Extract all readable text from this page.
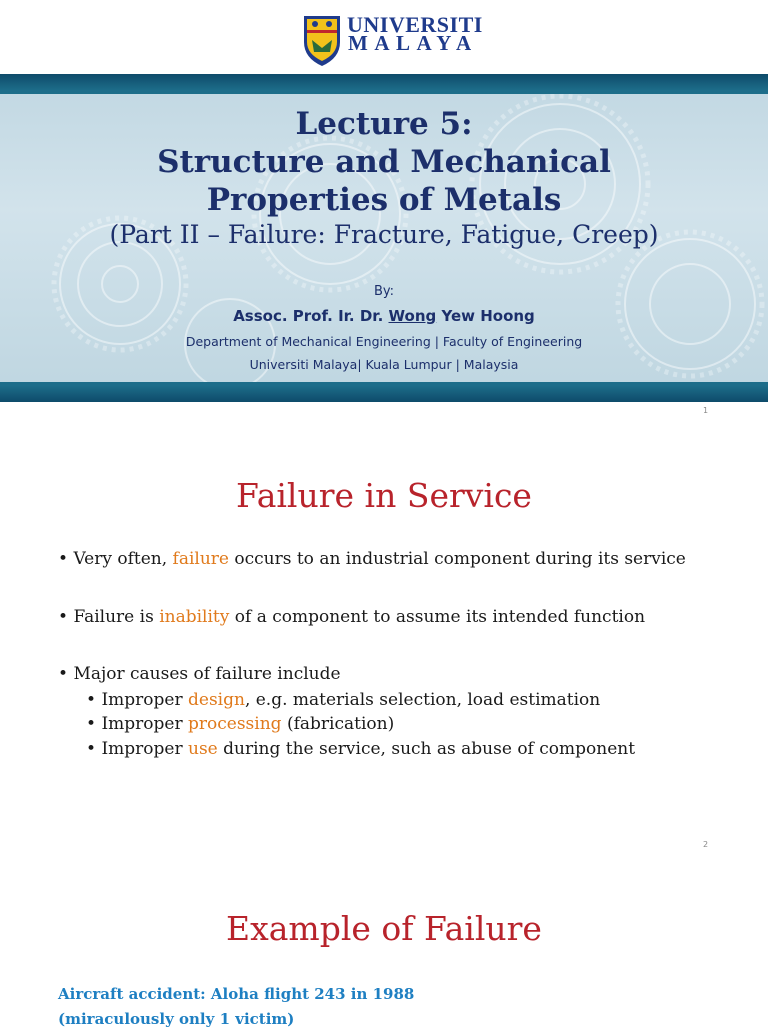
UNIVERSITI
MALAYA
Lecture 5:
Structure and Mechanical
Properties of Metals
(Part II – Failure: Fracture, Fatigue, Creep)
By:
Assoc. Prof. Ir. Dr. Wong Yew Hoong
Department of Mechanical Engineering | Faculty of Engineering
Universiti Malaya| Kuala Lumpur | Malaysia
1
Failure in Service
• Very often, failure occurs to an industrial component during its service
• Failure is inability of a component to assume its intended function
• Major causes of failure include
• Improper design, e.g. materials selection, load estimation
• Improper processing (fabrication)
• Improper use during the service, such as abuse of component
2
Example of Failure
Aircraft accident: Aloha flight 243 in 1988
(miraculously only 1 victim)
